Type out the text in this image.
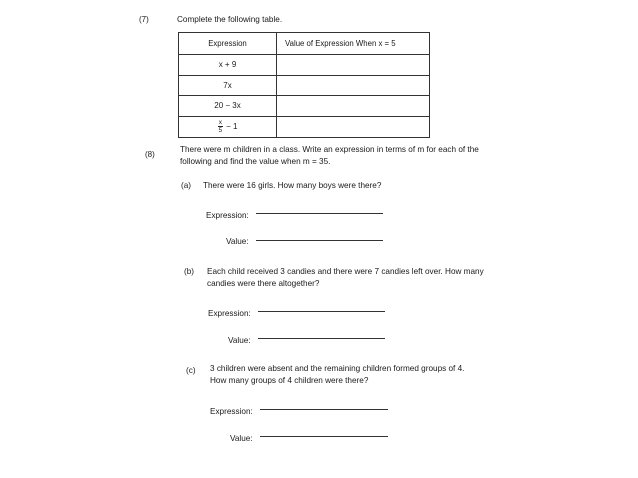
(7)	Complete the following table.
Expression	Value of Expression When x = 5
x + 9
7x
20 − 3x
$\frac{x}{5} - 1$
(8)
There were m children in a class. Write an expression in terms of m for each of the
following and find the value when m = 35.
(a) There were 16 girls. How many boys were there?
Expression:
Value:
(b) Each child received 3 candies and there were 7 candies left over. How many
candies were there altogether?
Expression:
Value:
(c) 3 children were absent and the remaining children formed groups of 4.
How many groups of 4 children were there?
Expression:
Value:
